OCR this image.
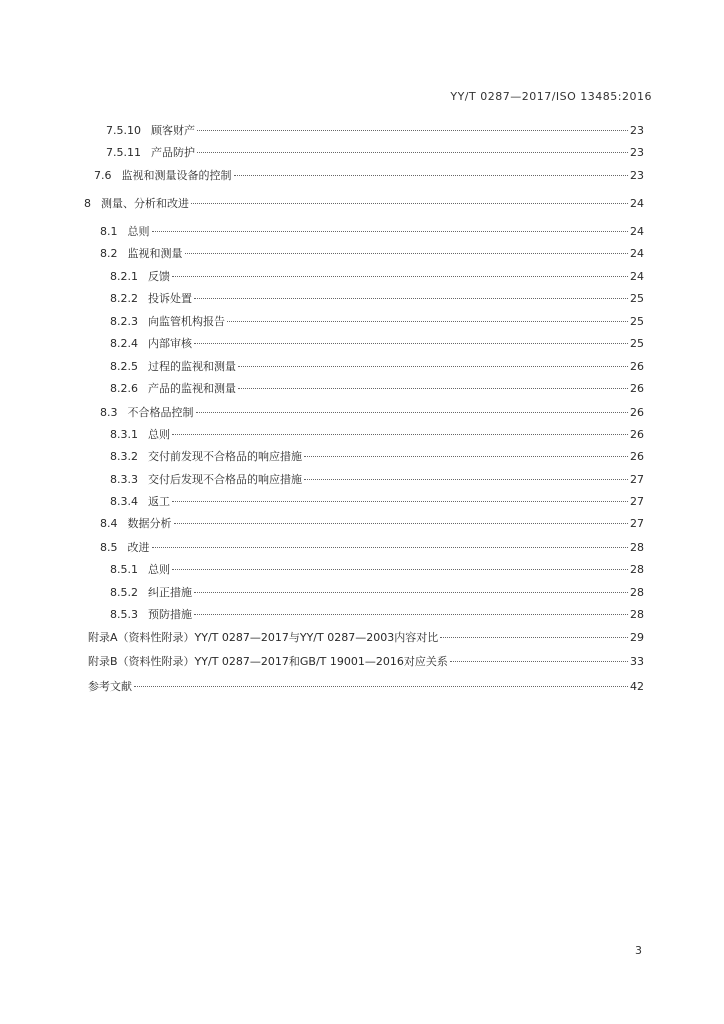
YY/T 0287—2017/ISO 13485:2016
7.5.10 顾客财产	23
7.5.11 产品防护	23
7.6 监视和测量设备的控制	23
8 测量、分析和改进	24
8.1 总则	24
8.2 监视和测量	24
8.2.1 反馈	24
8.2.2 投诉处置	25
8.2.3 向监管机构报告	25
8.2.4 内部审核	25
8.2.5 过程的监视和测量	26
8.2.6 产品的监视和测量	26
8.3 不合格品控制	26
8.3.1 总则	26
8.3.2 交付前发现不合格品的响应措施	26
8.3.3 交付后发现不合格品的响应措施	27
8.3.4 返工	27
8.4 数据分析	27
8.5 改进	28
8.5.1 总则	28
8.5.2 纠正措施	28
8.5.3 预防措施	28
附录A（资料性附录）YY/T 0287—2017与YY/T 0287—2003内容对比	29
附录B（资料性附录）YY/T 0287—2017和GB/T 19001—2016对应关系	33
参考文献	42
3
